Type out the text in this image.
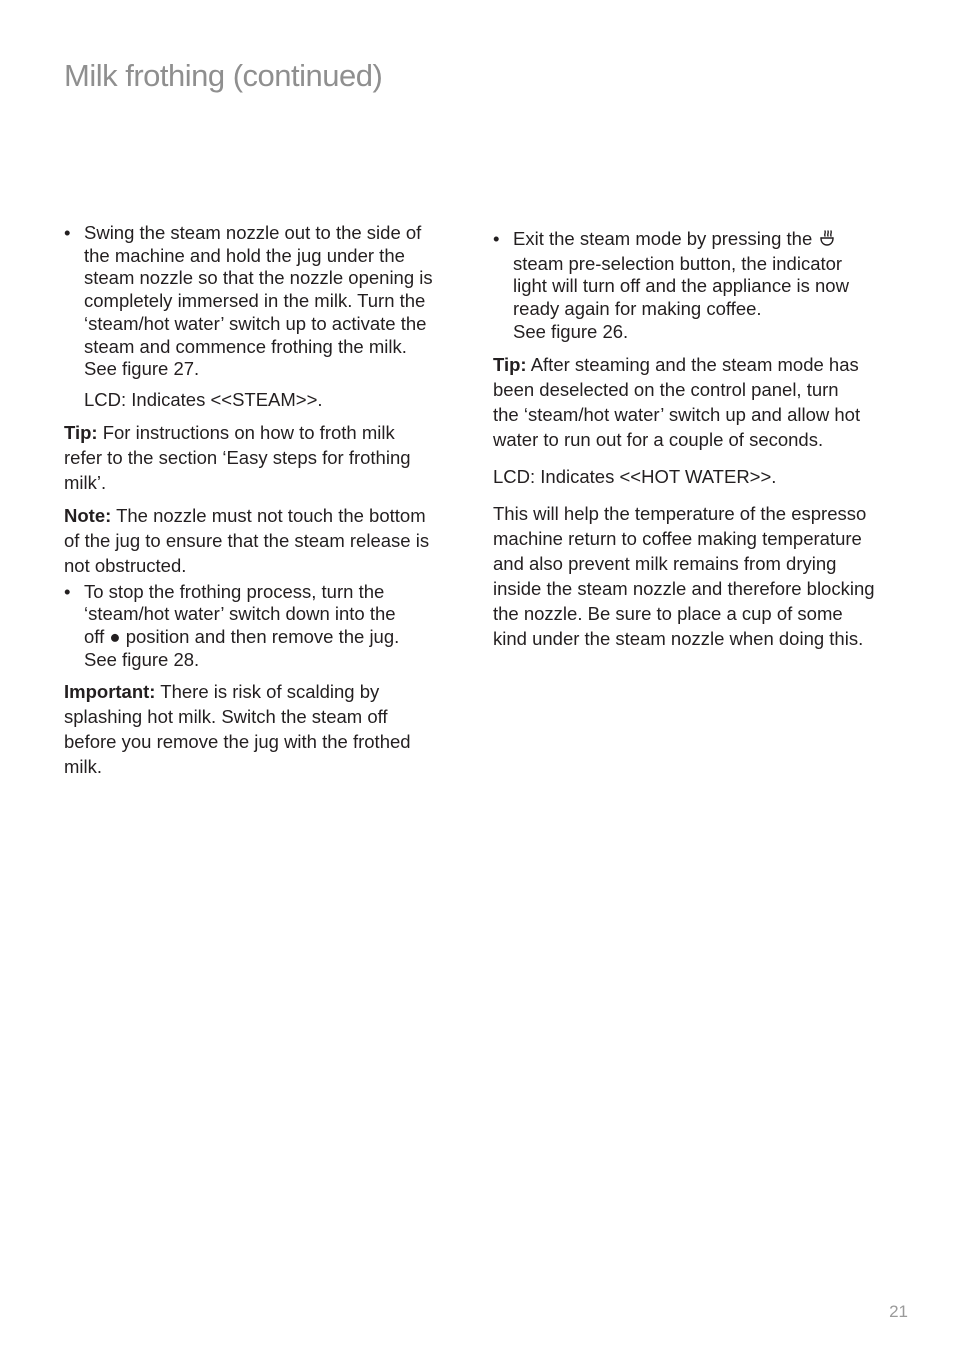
Milk frothing (continued)
• Swing the steam nozzle out to the side of
the machine and hold the jug under the
steam nozzle so that the nozzle opening is
completely immersed in the milk. Turn the
‘steam/hot water’ switch up to activate the
steam and commence frothing the milk.
See figure 27.
LCD: Indicates <<STEAM>>.
Tip: For instructions on how to froth milk
refer to the section ‘Easy steps for frothing
milk’.
Note: The nozzle must not touch the bottom
of the jug to ensure that the steam release is
not obstructed.
• To stop the frothing process, turn the
‘steam/hot water’ switch down into the
off ● position and then remove the jug.
See figure 28.
Important: There is risk of scalding by
splashing hot milk. Switch the steam off
before you remove the jug with the frothed
milk.
• Exit the steam mode by pressing the
steam pre-selection button, the indicator
light will turn off and the appliance is now
ready again for making coffee.
See figure 26.
Tip: After steaming and the steam mode has
been deselected on the control panel, turn
the ‘steam/hot water’ switch up and allow hot
water to run out for a couple of seconds.
LCD: Indicates <<HOT WATER>>.
This will help the temperature of the espresso
machine return to coffee making temperature
and also prevent milk remains from drying
inside the steam nozzle and therefore blocking
the nozzle. Be sure to place a cup of some
kind under the steam nozzle when doing this.
21
